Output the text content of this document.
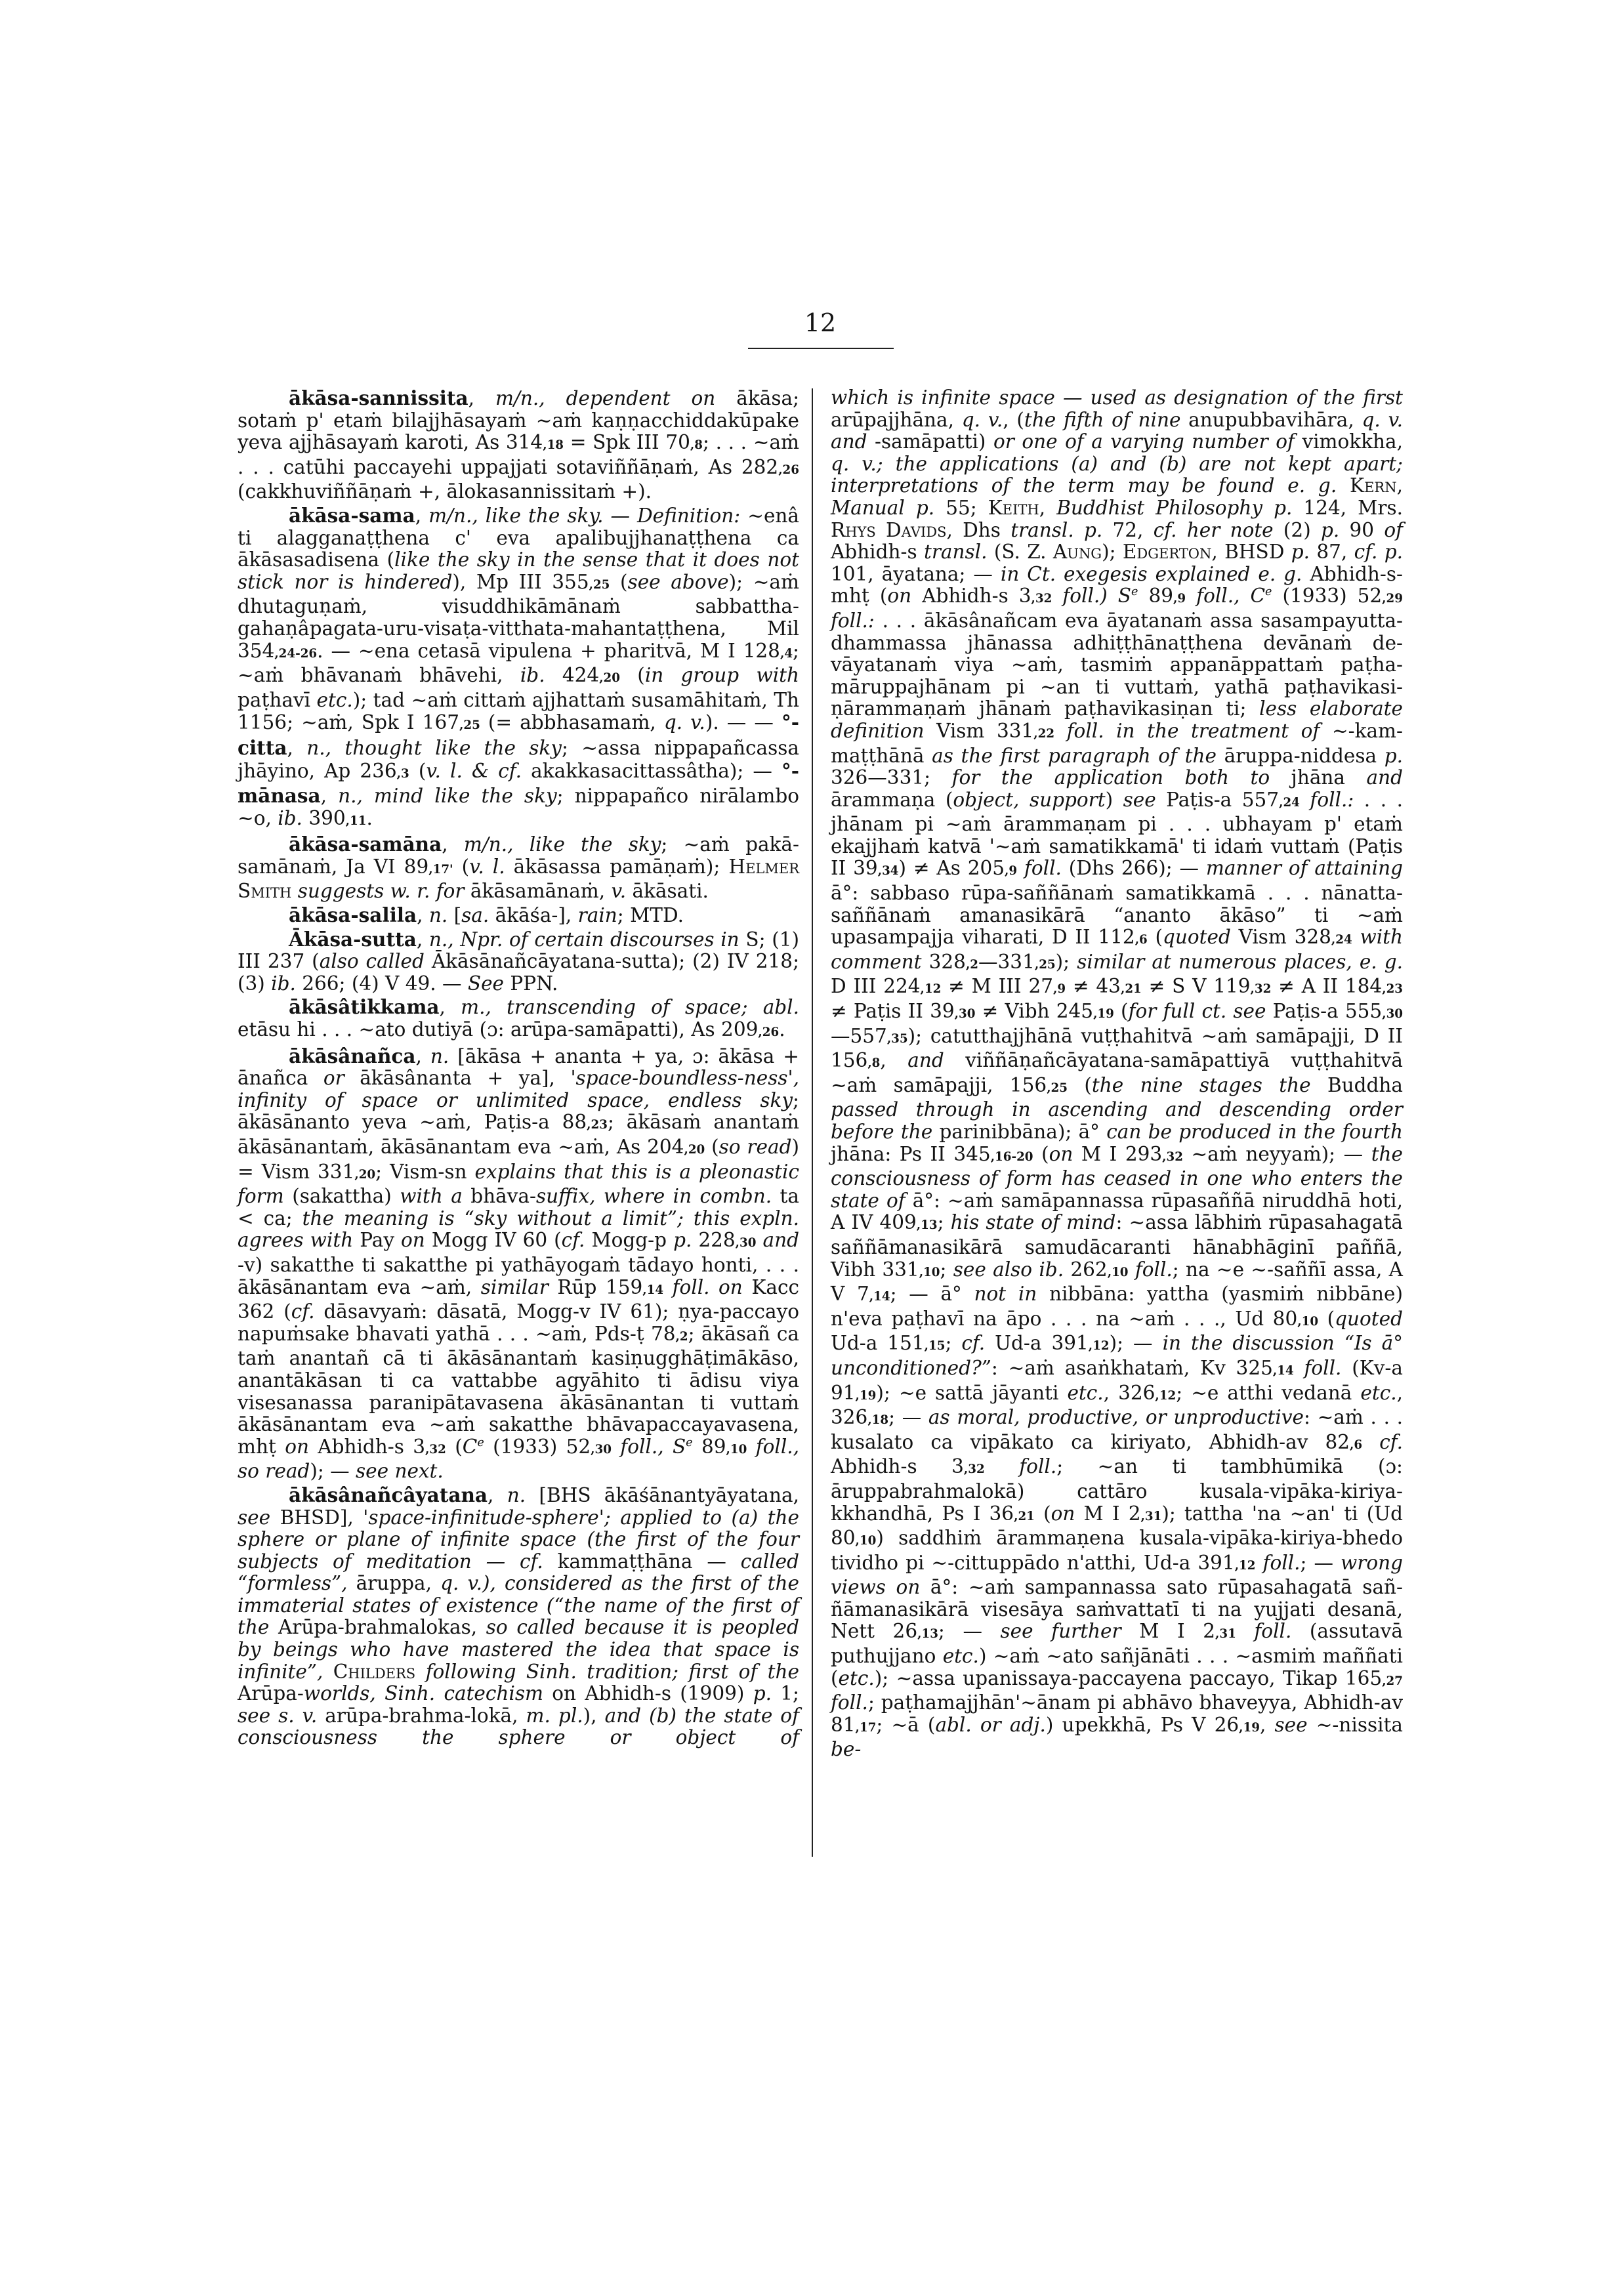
12

ākāsa-sannissita, m/n., dependent on ākāsa; sotaṁ p' etaṁ bilajjhāsayaṁ ~aṁ kaṇṇacchiddakūpake yeva ajjhāsayaṁ karoti, As 314,18 = Spk III 70,8; . . . ~aṁ . . . catūhi paccayehi uppajjati sotaviññāṇaṁ, As 282,26 (cakkhuviññāṇaṁ +, ālokasannissitaṁ +).

ākāsa-sama, m/n., like the sky. — Definition: ~enâ ti alagganaṭṭhena c' eva apalibujjhanaṭṭhena ca ākāsasadisena (like the sky in the sense that it does not stick nor is hindered), Mp III 355,25 (see above); ~aṁ dhutaguṇaṁ, visuddhikāmānaṁ sabbatthagahaṇâpagata-uru-visaṭa-vitthata-mahantaṭṭhena, Mil 354,24-26. — ~ena cetasā vipulena + pharitvā, M I 128,4; ~aṁ bhāvanaṁ bhāvehi, ib. 424,20 (in group with paṭhavī etc.); tad ~aṁ cittaṁ ajjhattaṁ susamāhitaṁ, Th 1156; ~aṁ, Spk I 167,25 (= abbhasamaṁ, q. v.). — — °-citta, n., thought like the sky; ~assa nippapañcassa jhāyino, Ap 236,3 (v. l. & cf. akakkasacittassâtha); — °-mānasa, n., mind like the sky; nippapañco nirālambo ~o, ib. 390,11.

ākāsa-samāna, m/n., like the sky; ~aṁ pakāsamānaṁ, Ja VI 89,17' (v. l. ākāsassa pamāṇaṁ); Helmer Smith suggests w. r. for ākāsamānaṁ, v. ākāsati.

ākāsa-salila, n. [sa. ākāśa-], rain; MTD.

Ākāsa-sutta, n., Npr. of certain discourses in S; (1) III 237 (also called Ākāsānañcāyatana-sutta); (2) IV 218; (3) ib. 266; (4) V 49. — See PPN.

ākāsâtikkama, m., transcending of space; abl. etāsu hi . . . ~ato dutiyā (ɔ: arūpa-samāpatti), As 209,26.

ākāsânañca, n. [ākāsa + ananta + ya, ɔ: ākāsa + ānañca or ākāsânanta + ya], 'space-boundless-ness', infinity of space or unlimited space, endless sky; ākāsānanto yeva ~aṁ, Paṭis-a 88,23; ākāsaṁ anantaṁ ākāsānantaṁ, ākāsānantam eva ~aṁ, As 204,20 (so read) = Vism 331,20; Vism-sn explains that this is a pleonastic form (sakattha) with a bhāva-suffix, where in combn. ta < ca; the meaning is “sky without a limit”; this expln. agrees with Pay on Mogg IV 60 (cf. Mogg-p p. 228,30 and -v) sakatthe ti sakatthe pi yathāyogaṁ tādayo honti, . . . ākāsānantam eva ~aṁ, similar Rūp 159,14 foll. on Kacc 362 (cf. dāsavyaṁ: dāsatā, Mogg-v IV 61); ṇya-paccayo napuṁsake bhavati yathā . . . ~aṁ, Pds-ṭ 78,2; ākāsañ ca taṁ anantañ cā ti ākāsānantaṁ kasiṇugghāṭimākāso, anantākāsan ti ca vattabbe agyāhito ti ādisu viya visesanassa paranipātavasena ākāsānantan ti vuttaṁ ākāsānantam eva ~aṁ sakatthe bhāvapaccayavasena, mhṭ on Abhidh-s 3,32 (Ce (1933) 52,30 foll., $S^e$ 89,10 foll., so read); — see next.

ākāsânañcâyatana, n. [BHS ākāśānantyāyatana, see BHSD], 'space-infinitude-sphere'; applied to (a) the sphere or plane of infinite space (the first of the four subjects of meditation — cf. kammaṭṭhāna — called “formless”, āruppa, q. v.), considered as the first of the immaterial states of existence (“the name of the first of the Arūpa-brahmalokas, so called because it is peopled by beings who have mastered the idea that space is infinite”, Childers following Sinh. tradition; first of the Arūpa-worlds, Sinh. catechism on Abhidh-s (1909) p. 1; see s. v. arūpa-brahma-lokā, m. pl.), and (b) the state of consciousness the sphere or object of

which is infinite space — used as designation of the first arūpajjhāna, q. v., (the fifth of nine anupubbavihāra, q. v. and -samāpatti) or one of a varying number of vimokkha, q. v.; the applications (a) and (b) are not kept apart; interpretations of the term may be found e. g. Kern, Manual p. 55; Keith, Buddhist Philosophy p. 124, Mrs. Rhys Davids, Dhs transl. p. 72, cf. her note (2) p. 90 of Abhidh-s transl. (S. Z. Aung); Edgerton, BHSD p. 87, cf. p. 101, āyatana; — in Ct. exegesis explained e. g. Abhidh-s-mhṭ (on Abhidh-s 3,32 foll.) $S^e$ 89,9 foll., Ce (1933) 52,29 foll.: . . . ākāsânañcam eva āyatanaṁ assa sasampayuttadhammassa jhānassa adhiṭṭhānaṭṭhena devānaṁ devāyatanaṁ viya ~aṁ, tasmiṁ appanāppattaṁ paṭhamāruppajhānam pi ~an ti vuttaṁ, yathā paṭhavikasiṇārammaṇaṁ jhānaṁ paṭhavikasiṇan ti; less elaborate definition Vism 331,22 foll. in the treatment of ~-kammaṭṭhānā as the first paragraph of the āruppa-niddesa p. 326—331; for the application both to jhāna and ārammaṇa (object, support) see Paṭis-a 557,24 foll.: . . . jhānam pi ~aṁ ārammaṇam pi . . . ubhayam p' etaṁ ekajjhaṁ katvā '~aṁ samatikkamā' ti idaṁ vuttaṁ (Paṭis II 39,34) ≠ As 205,9 foll. (Dhs 266); — manner of attaining ā°: sabbaso rūpa-saññānaṁ samatikkamā . . . nānatta-saññānaṁ amanasikārā “ananto ākāso” ti ~aṁ upasampajja viharati, D II 112,6 (quoted Vism 328,24 with comment 328,2—331,25); similar at numerous places, e. g. D III 224,12 ≠ M III 27,9 ≠ 43,21 ≠ S V 119,32 ≠ A II 184,23 ≠ Paṭis II 39,30 ≠ Vibh 245,19 (for full ct. see Paṭis-a 555,30—557,35); catutthajjhānā vuṭṭhahitvā ~aṁ samāpajji, D II 156,8, and viññāṇañcāyatana-samāpattiyā vuṭṭhahitvā ~aṁ samāpajji, 156,25 (the nine stages the Buddha passed through in ascending and descending order before the parinibbāna); ā° can be produced in the fourth jhāna: Ps II 345,16-20 (on M I 293,32 ~aṁ neyyaṁ); — the consciousness of form has ceased in one who enters the state of ā°: ~aṁ samāpannassa rūpasaññā niruddhā hoti, A IV 409,13; his state of mind: ~assa lābhiṁ rūpasahagatā saññāmanasikārā samudācaranti hānabhāginī paññā, Vibh 331,10; see also ib. 262,10 foll.; na ~e ~-saññī assa, A V 7,14; — ā° not in nibbāna: yattha (yasmiṁ nibbāne) n'eva paṭhavī na āpo . . . na ~aṁ . . ., Ud 80,10 (quoted Ud-a 151,15; cf. Ud-a 391,12); — in the discussion “Is ā° unconditioned?”: ~aṁ asaṅkhataṁ, Kv 325,14 foll. (Kv-a 91,19); ~e sattā jāyanti etc., 326,12; ~e atthi vedanā etc., 326,18; — as moral, productive, or unproductive: ~aṁ . . . kusalato ca vipākato ca kiriyato, Abhidh-av 82,6 cf. Abhidh-s 3,32 foll.; ~an ti tambhūmikā (ɔ: āruppabrahmalokā) cattāro kusala-vipāka-kiriya-kkhandhā, Ps I 36,21 (on M I 2,31); tattha 'na ~an' ti (Ud 80,10) saddhiṁ ārammaṇena kusala-vipāka-kiriya-bhedo tividho pi ~-cittuppādo n'atthi, Ud-a 391,12 foll.; — wrong views on ā°: ~aṁ sampannassa sato rūpasahagatā saññāmanasikārā visesāya saṁvattatī ti na yujjati desanā, Nett 26,13; — see further M I 2,31 foll. (assutavā puthujjano etc.) ~aṁ ~ato sañjānāti . . . ~asmiṁ maññati (etc.); ~assa upanissaya-paccayena paccayo, Tikap 165,27 foll.; paṭhamajjhān'~ānam pi abhāvo bhaveyya, Abhidh-av 81,17; ~ā (abl. or adj.) upekkhā, Ps V 26,19, see ~-nissita be-
